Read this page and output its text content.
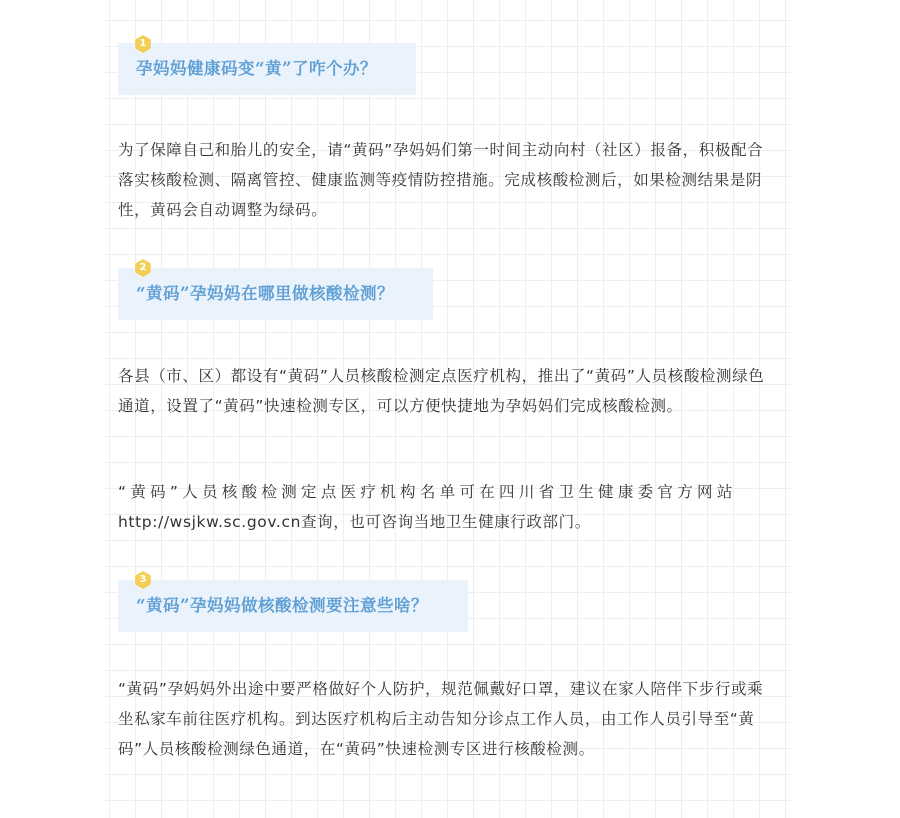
孕妈妈健康码变“黄”了咋个办？
1

为了保障自己和胎儿的安全，请“黄码”孕妈妈们第一时间主动向村（社区）报备，积极配合落实核酸检测、隔离管控、健康监测等疫情防控措施。完成核酸检测后，如果检测结果是阴性，黄码会自动调整为绿码。

“黄码”孕妈妈在哪里做核酸检测？
2

各县（市、区）都设有“黄码”人员核酸检测定点医疗机构，推出了“黄码”人员核酸检测绿色通道，设置了“黄码”快速检测专区，可以方便快捷地为孕妈妈们完成核酸检测。

“黄码”人员核酸检测定点医疗机构名单可在四川省卫生健康委官方网站

http://wsjkw.sc.gov.cn查询，也可咨询当地卫生健康行政部门。

“黄码”孕妈妈做核酸检测要注意些啥？
3

“黄码”孕妈妈外出途中要严格做好个人防护，规范佩戴好口罩，建议在家人陪伴下步行或乘坐私家车前往医疗机构。到达医疗机构后主动告知分诊点工作人员，由工作人员引导至“黄码”人员核酸检测绿色通道，在“黄码”快速检测专区进行核酸检测。
